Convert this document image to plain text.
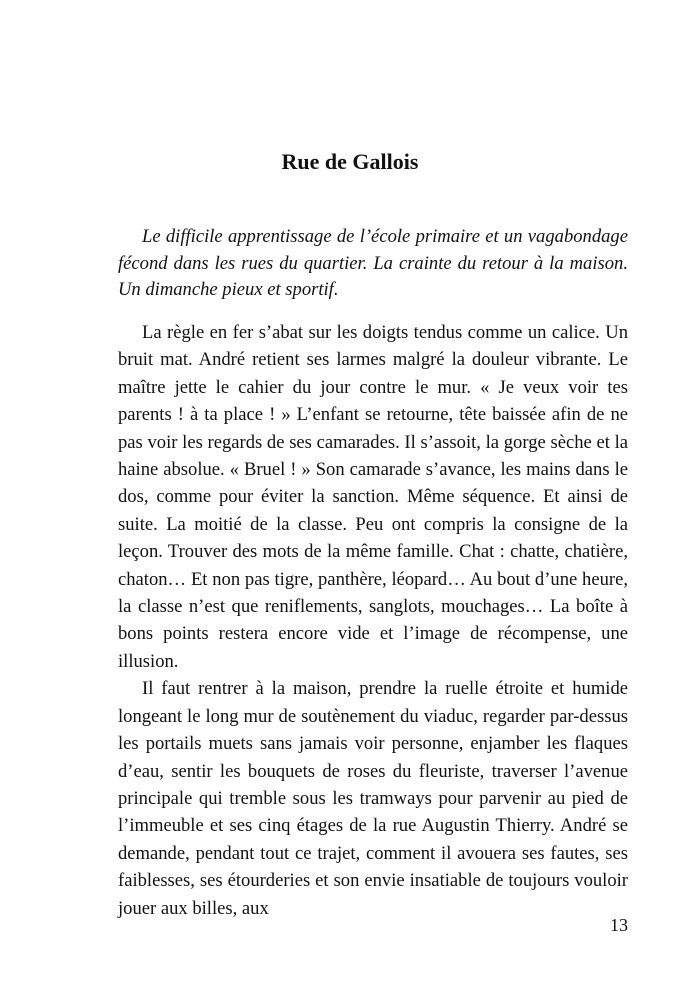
Rue de Gallois

Le difficile apprentissage de l’école primaire et un vagabondage fécond dans les rues du quartier. La crainte du retour à la maison. Un dimanche pieux et sportif.

La règle en fer s’abat sur les doigts tendus comme un calice. Un bruit mat. André retient ses larmes malgré la douleur vibrante. Le maître jette le cahier du jour contre le mur. « Je veux voir tes parents ! à ta place ! » L’enfant se retourne, tête baissée afin de ne pas voir les regards de ses camarades. Il s’assoit, la gorge sèche et la haine absolue. « Bruel ! » Son camarade s’avance, les mains dans le dos, comme pour éviter la sanction. Même séquence. Et ainsi de suite. La moitié de la classe. Peu ont compris la consigne de la leçon. Trouver des mots de la même famille. Chat : chatte, chatière, chaton… Et non pas tigre, panthère, léopard… Au bout d’une heure, la classe n’est que reniflements, sanglots, mouchages… La boîte à bons points restera encore vide et l’image de récompense, une illusion.

Il faut rentrer à la maison, prendre la ruelle étroite et humide longeant le long mur de soutènement du viaduc, regarder par-dessus les portails muets sans jamais voir personne, enjamber les flaques d’eau, sentir les bouquets de roses du fleuriste, traverser l’avenue principale qui tremble sous les tramways pour parvenir au pied de l’immeuble et ses cinq étages de la rue Augustin Thierry. André se demande, pendant tout ce trajet, comment il avouera ses fautes, ses faiblesses, ses étourderies et son envie insatiable de toujours vouloir jouer aux billes, aux

13
